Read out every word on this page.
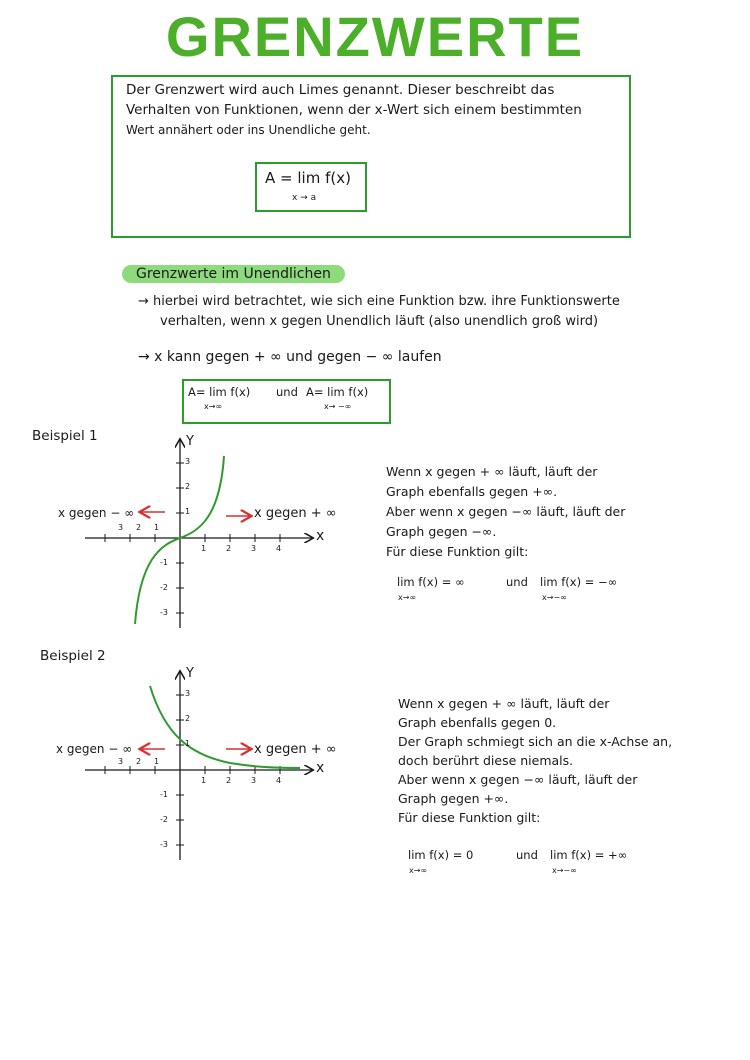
GRENZWERTE
Der Grenzwert wird auch Limes genannt. Dieser beschreibt das
Verhalten von Funktionen, wenn der x-Wert sich einem bestimmten
Wert annähert oder ins Unendliche geht.
A = lim f(x)
x → a
Grenzwerte im Unendlichen
→ hierbei wird betrachtet, wie sich eine Funktion bzw. ihre Funktionswerte
verhalten, wenn x gegen Unendlich läuft (also unendlich groß wird)
→ x kann gegen + ∞ und gegen − ∞ laufen
A= lim f(x)
x→∞
und A= lim f(x)
x→ −∞
Beispiel 1	Y
x
x gegen − ∞	x gegen + ∞
1 2 3 4
3 2 1
3
2
1
-1
-2
-3
Wenn x gegen + ∞ läuft, läuft der
Graph ebenfalls gegen +∞.
Aber wenn x gegen −∞ läuft, läuft der
Graph gegen −∞.
Für diese Funktion gilt:
lim f(x) = ∞
x→∞
und lim f(x) = −∞
x→−∞
Beispiel 2
Y
x
x gegen − ∞	x gegen + ∞
1 2 3 4
3 2 1
3
2
1
-1
-2
-3
Wenn x gegen + ∞ läuft, läuft der
Graph ebenfalls gegen 0.
Der Graph schmiegt sich an die x-Achse an,
doch berührt diese niemals.
Aber wenn x gegen −∞ läuft, läuft der
Graph gegen +∞.
Für diese Funktion gilt:
lim f(x) = 0
x→∞
und lim f(x) = +∞
x→−∞
